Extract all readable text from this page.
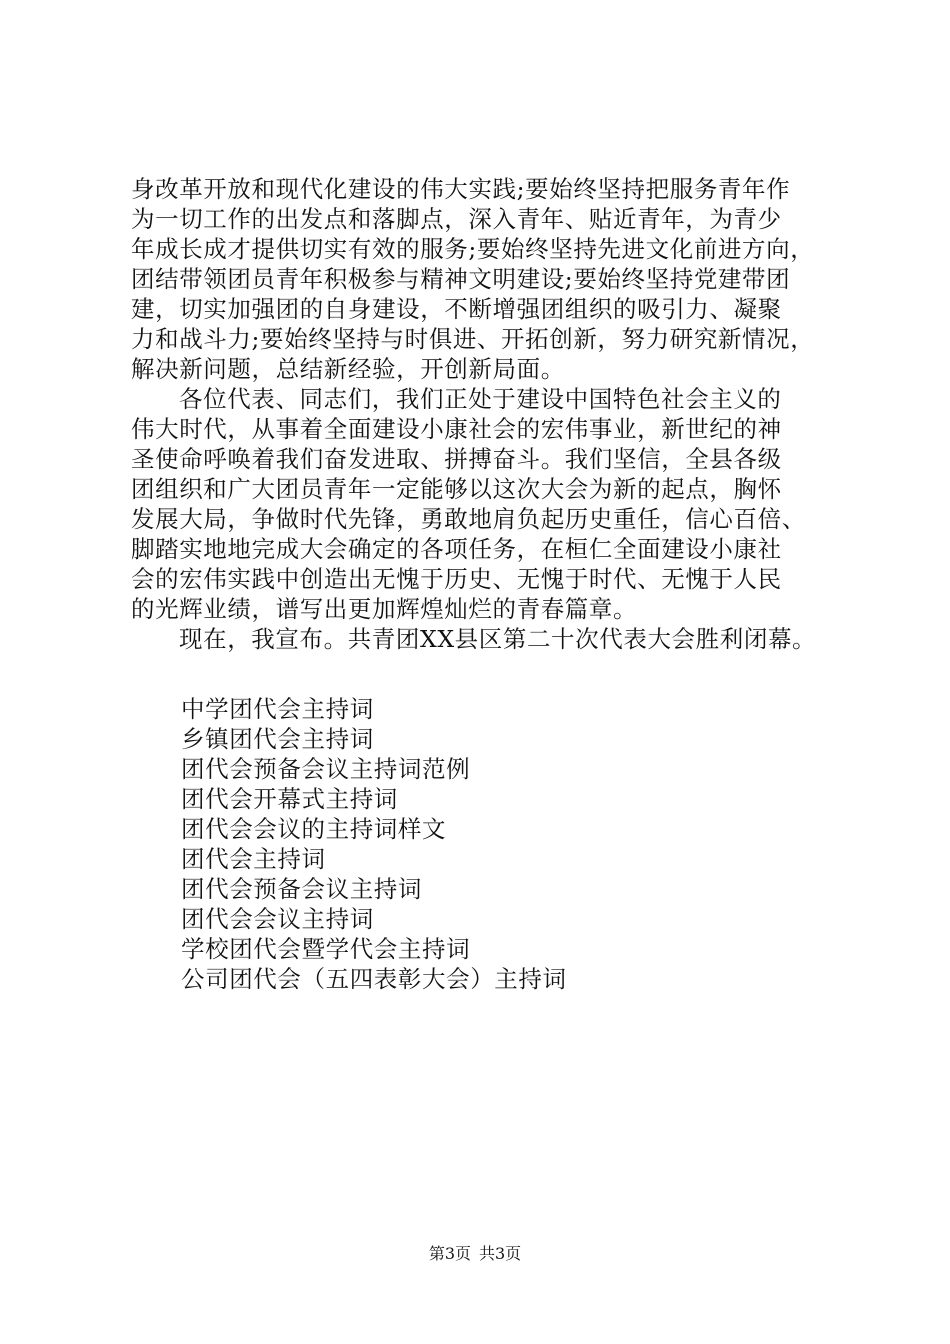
身改革开放和现代化建设的伟大实践;要始终坚持把服务青年作
为一切工作的出发点和落脚点，深入青年、贴近青年，为青少
年成长成才提供切实有效的服务;要始终坚持先进文化前进方向，
团结带领团员青年积极参与精神文明建设;要始终坚持党建带团
建，切实加强团的自身建设，不断增强团组织的吸引力、凝聚
力和战斗力;要始终坚持与时俱进、开拓创新，努力研究新情况，
解决新问题，总结新经验，开创新局面。
各位代表、同志们，我们正处于建设中国特色社会主义的
伟大时代，从事着全面建设小康社会的宏伟事业，新世纪的神
圣使命呼唤着我们奋发进取、拼搏奋斗。我们坚信，全县各级
团组织和广大团员青年一定能够以这次大会为新的起点，胸怀
发展大局，争做时代先锋，勇敢地肩负起历史重任，信心百倍、
脚踏实地地完成大会确定的各项任务，在桓仁全面建设小康社
会的宏伟实践中创造出无愧于历史、无愧于时代、无愧于人民
的光辉业绩，谱写出更加辉煌灿烂的青春篇章。
现在，我宣布。共青团XX县区第二十次代表大会胜利闭幕。
中学团代会主持词
乡镇团代会主持词
团代会预备会议主持词范例
团代会开幕式主持词
团代会会议的主持词样文
团代会主持词
团代会预备会议主持词
团代会会议主持词
学校团代会暨学代会主持词
公司团代会（五四表彰大会）主持词
第3页 共3页
